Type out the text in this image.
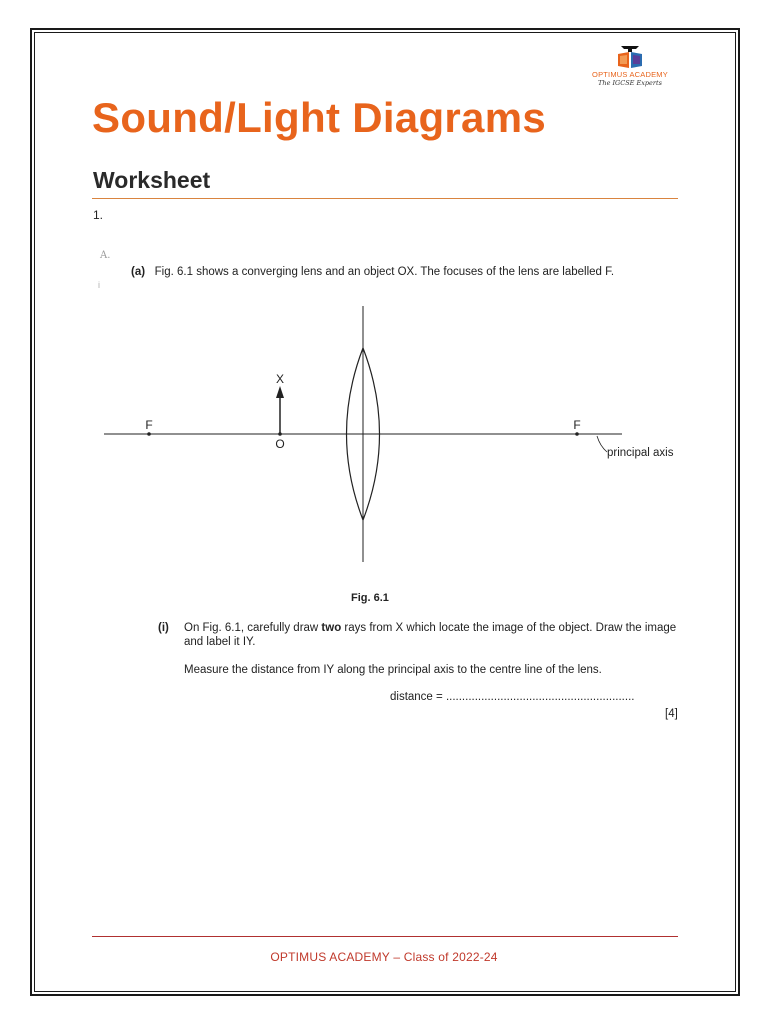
OPTIMUS ACADEMY
The IGCSE Experts
Sound/Light Diagrams
Worksheet
1.
A.
i
(a) Fig. 6.1 shows a converging lens and an object OX. The focuses of the lens are labelled F.
X
O
F	F
principal axis
Fig. 6.1
(i) On Fig. 6.1, carefully draw two rays from X which locate the image of the object. Draw the image and label it IY.
Measure the distance from IY along the principal axis to the centre line of the lens.
distance = ...........................................................
[4]
OPTIMUS ACADEMY – Class of 2022-24
